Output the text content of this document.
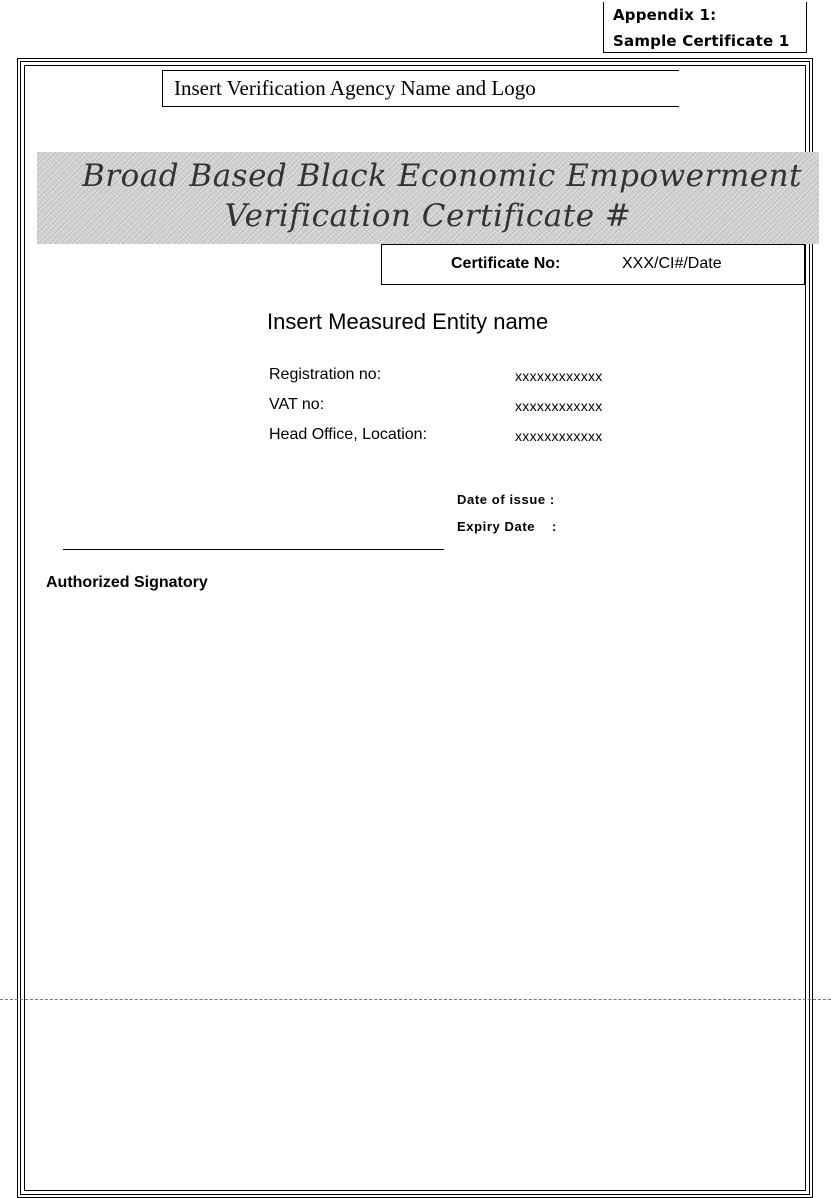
Appendix 1:
Sample Certificate 1
Insert Verification Agency Name and Logo
Broad Based Black Economic Empowerment
Verification Certificate #
Certificate No:	XXX/CI#/Date
Insert Measured Entity name
Registration no:	xxxxxxxxxxxx
VAT no:	xxxxxxxxxxxx
Head Office, Location:	xxxxxxxxxxxx
Date of issue :
Expiry Date    :
Authorized Signatory
